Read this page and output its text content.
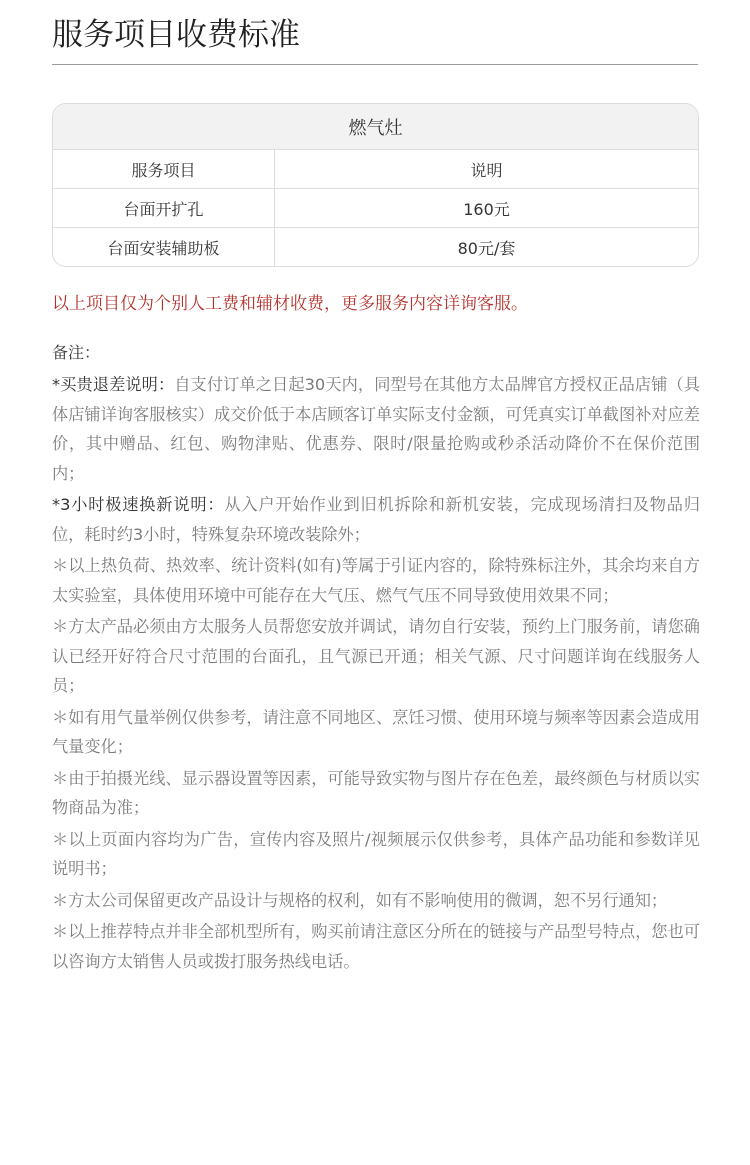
服务项目收费标准
燃气灶
服务项目	说明
台面开扩孔	160元
台面安装辅助板	80元/套
以上项目仅为个别人工费和辅材收费，更多服务内容详询客服。
备注：

*买贵退差说明：自支付订单之日起30天内，同型号在其他方太品牌官方授权正品店铺（具体店铺详询客服核实）成交价低于本店顾客订单实际支付金额，可凭真实订单截图补对应差价，其中赠品、红包、购物津贴、优惠券、限时/限量抢购或秒杀活动降价不在保价范围内；

*3小时极速换新说明：从入户开始作业到旧机拆除和新机安装，完成现场清扫及物品归位，耗时约3小时，特殊复杂环境改装除外；

＊以上热负荷、热效率、统计资料(如有)等属于引证内容的，除特殊标注外，其余均来自方太实验室，具体使用环境中可能存在大气压、燃气气压不同导致使用效果不同；

＊方太产品必须由方太服务人员帮您安放并调试，请勿自行安装，预约上门服务前，请您确认已经开好符合尺寸范围的台面孔，且气源已开通；相关气源、尺寸问题详询在线服务人员；

＊如有用气量举例仅供参考，请注意不同地区、烹饪习惯、使用环境与频率等因素会造成用气量变化；

＊由于拍摄光线、显示器设置等因素，可能导致实物与图片存在色差，最终颜色与材质以实物商品为准；

＊以上页面内容均为广告，宣传内容及照片/视频展示仅供参考，具体产品功能和参数详见说明书；

＊方太公司保留更改产品设计与规格的权利，如有不影响使用的微调，恕不另行通知；

＊以上推荐特点并非全部机型所有，购买前请注意区分所在的链接与产品型号特点，您也可以咨询方太销售人员或拨打服务热线电话。
